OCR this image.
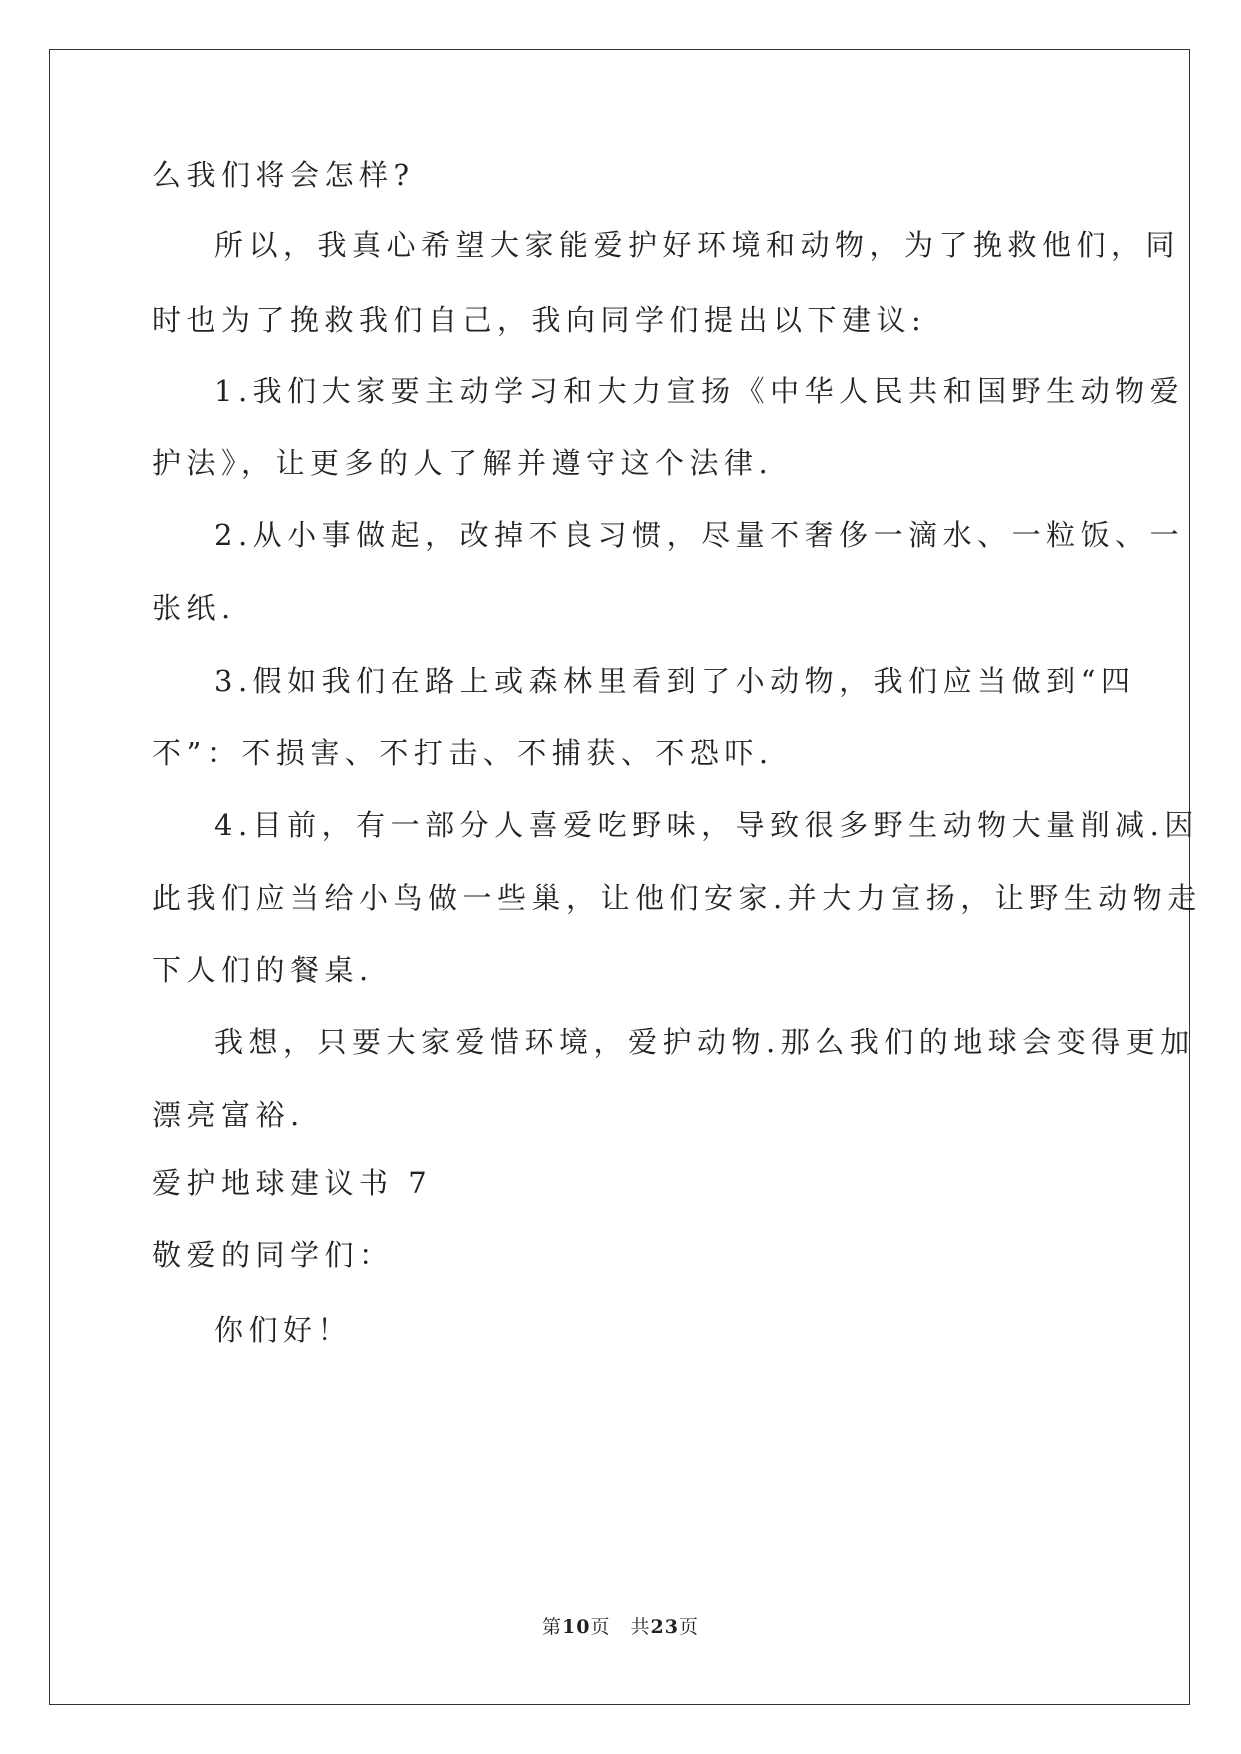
么我们将会怎样?
所以，我真心希望大家能爱护好环境和动物，为了挽救他们，同
时也为了挽救我们自己，我向同学们提出以下建议:
1.我们大家要主动学习和大力宣扬《中华人民共和国野生动物爱
护法》，让更多的人了解并遵守这个法律.
2.从小事做起，改掉不良习惯，尽量不奢侈一滴水、一粒饭、一
张纸.
3.假如我们在路上或森林里看到了小动物，我们应当做到“四
不”：不损害、不打击、不捕获、不恐吓.
4.目前，有一部分人喜爱吃野味，导致很多野生动物大量削减.因
此我们应当给小鸟做一些巢，让他们安家.并大力宣扬，让野生动物走
下人们的餐桌.
我想，只要大家爱惜环境，爱护动物.那么我们的地球会变得更加
漂亮富裕.
爱护地球建议书 7
敬爱的同学们：
你们好！
第10页　共23页
